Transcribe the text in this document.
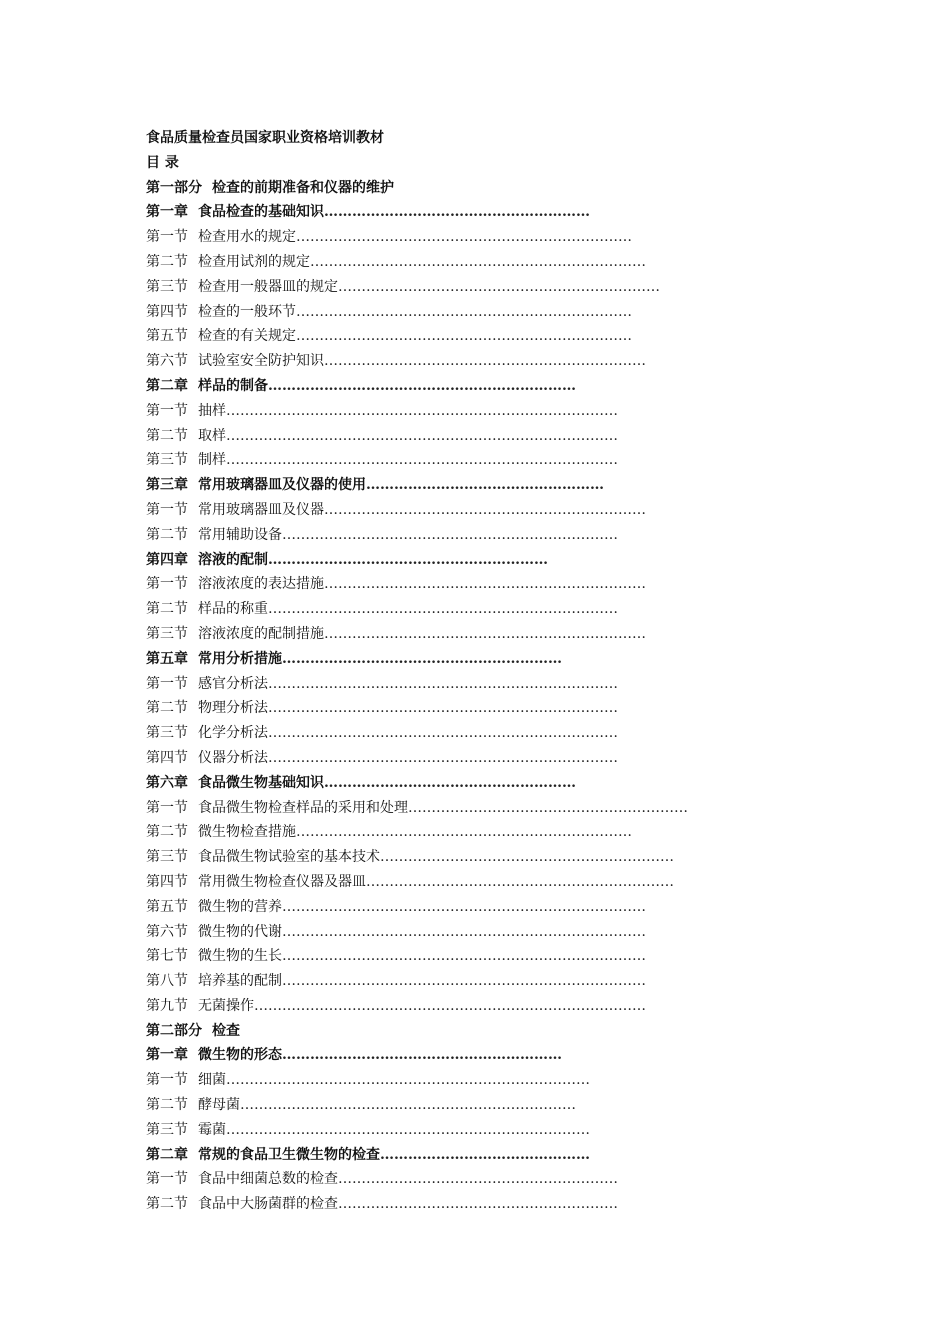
食品质量检查员国家职业资格培训教材
目 录
第一部分 检查的前期准备和仪器的维护
第一章 食品检查的基础知识 …………………………………………………
第一节 检查用水的规定 ………………………………………………………………
第二节 检查用试剂的规定 ………………………………………………………………
第三节 检查用一般器皿的规定 ……………………………………………………………
第四节 检查的一般环节 ………………………………………………………………
第五节 检查的有关规定 ………………………………………………………………
第六节 试验室安全防护知识 ……………………………………………………………
第二章 样品的制备 …………………………………………………………
第一节 抽样 …………………………………………………………………………
第二节 取样 …………………………………………………………………………
第三节 制样 …………………………………………………………………………
第三章 常用玻璃器皿及仪器的使用 ……………………………………………
第一节 常用玻璃器皿及仪器 ……………………………………………………………
第二节 常用辅助设备 ………………………………………………………………
第四章 溶液的配制 ……………………………………………………
第一节 溶液浓度的表达措施 ……………………………………………………………
第二节 样品的称重 …………………………………………………………………
第三节 溶液浓度的配制措施 ……………………………………………………………
第五章 常用分析措施 ……………………………………………………
第一节 感官分析法 …………………………………………………………………
第二节 物理分析法 …………………………………………………………………
第三节 化学分析法 …………………………………………………………………
第四节 仪器分析法 …………………………………………………………………
第六章 食品微生物基础知识 ………………………………………………
第一节 食品微生物检查样品的采用和处理 ……………………………………………………
第二节 微生物检查措施 ………………………………………………………………
第三节 食品微生物试验室的基本技术 ………………………………………………………
第四节 常用微生物检查仪器及器皿 …………………………………………………………
第五节 微生物的营养 ……………………………………………………………………
第六节 微生物的代谢 ……………………………………………………………………
第七节 微生物的生长 ……………………………………………………………………
第八节 培养基的配制 ……………………………………………………………………
第九节 无菌操作 …………………………………………………………………………
第二部分 检查
第一章 微生物的形态 ……………………………………………………
第一节 细菌 ……………………………………………………………………
第二节 酵母菌 ………………………………………………………………
第三节 霉菌 ……………………………………………………………………
第二章 常规的食品卫生微生物的检查 ………………………………………
第一节 食品中细菌总数的检查 ……………………………………………………
第二节 食品中大肠菌群的检查 ……………………………………………………
